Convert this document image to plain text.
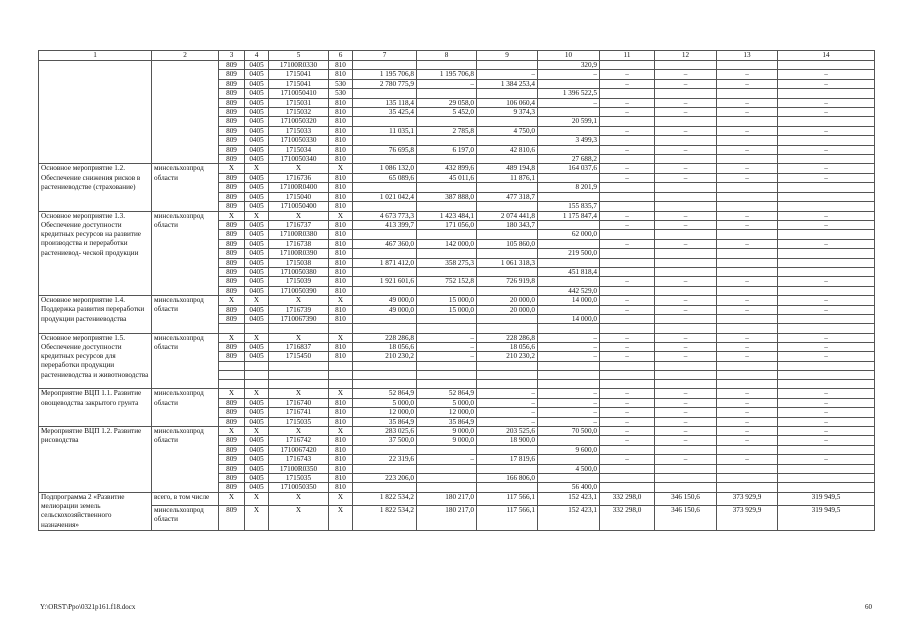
1	2	3	4	5	6	7	8	9	10	11	12	13	14
		809	0405	17100R0330	810				320,9				
		809	0405	1715041	810	1 195 706,8	1 195 706,8	–	–	–	–	–	–
		809	0405	1715041	530	2 780 775,9	–	1 384 253,4		–	–	–	–
		809	0405	1710050410	530				1 396 522,5				
		809	0405	1715031	810	135 118,4	29 058,0	106 060,4	–	–	–	–	–
		809	0405	1715032	810	35 425,4	5 452,0	9 374,3		–	–	–	–
		809	0405	1710050320	810				20 599,1				
		809	0405	1715033	810	11 035,1	2 785,8	4 750,0		–	–	–	–
		809	0405	1710050330	810				3 499,3				
		809	0405	1715034	810	76 695,8	6 197,0	42 810,6		–	–	–	–
		809	0405	1710050340	810				27 688,2				
Основное мероприятие 1.2. Обеспечение снижения рисков в растениеводстве (страхование)	минсельхозпрод области	X	X	X	X	1 086 132,0	432 899,6	489 194,8	164 037,6	–	–	–	–
		809	0405	1716736	810	65 089,6	45 011,6	11 876,1		–	–	–	–
		809	0405	17100R0400	810				8 201,9				
		809	0405	1715040	810	1 021 042,4	387 888,0	477 318,7					
		809	0405	1710050400	810				155 835,7				
Основное мероприятие 1.3. Обеспечение доступности кредитных ресурсов на развитие производства и переработки растениевод- ческой продукции	минсельхозпрод области	X	X	X	X	4 673 773,3	1 423 484,1	2 074 441,8	1 175 847,4	–	–	–	–
		809	0405	1716737	810	413 399,7	171 056,0	180 343,7		–	–	–	–
		809	0405	17100R0380	810				62 000,0				
		809	0405	1716738	810	467 360,0	142 000,0	105 860,0		–	–	–	–
		809	0405	17100R0390	810				219 500,0				
		809	0405	1715038	810	1 871 412,0	358 275,3	1 061 318,3					
		809	0405	1710050380	810				451 818,4				
		809	0405	1715039	810	1 921 601,6	752 152,8	726 919,8		–	–	–	–
		809	0405	1710050390	810				442 529,0				
Основное мероприятие 1.4. Поддержка развития переработки продукции растениеводства	минсельхозпрод области	X	X	X	X	49 000,0	15 000,0	20 000,0	14 000,0	–	–	–	–
		809	0405	1716739	810	49 000,0	15 000,0	20 000,0		–	–	–	–
		809	0405	1710067390	810				14 000,0				

Основное мероприятие 1.5. Обеспечение доступности кредитных ресурсов для переработки продукции растениеводства и животноводства	минсельхозпрод области	X	X	X	X	228 286,8	–	228 286,8	–	–	–	–	–
		809	0405	1716837	810	18 056,6	–	18 056,6	–	–	–	–	–
		809	0405	1715450	810	210 230,2	–	210 230,2	–	–	–	–	–

Мероприятие ВЦП 1.1. Развитие овощеводства закрытого грунта	минсельхозпрод области	X	X	X	X	52 864,9	52 864,9	–	–	–	–	–	–
		809	0405	1716740	810	5 000,0	5 000,0	–	–	–	–	–	–
		809	0405	1716741	810	12 000,0	12 000,0	–	–	–	–	–	–
		809	0405	1715035	810	35 864,9	35 864,9	–	–	–	–	–	–
Мероприятие ВЦП 1.2. Развитие рисоводства	минсельхозпрод области	X	X	X	X	283 025,6	9 000,0	203 525,6	70 500,0	–	–	–	–
		809	0405	1716742	810	37 500,0	9 000,0	18 900,0		–	–	–	–
		809	0405	1710067420	810				9 600,0				
		809	0405	1716743	810	22 319,6	–	17 819,6		–	–	–	–
		809	0405	17100R0350	810				4 500,0				
		809	0405	1715035	810	223 206,0		166 806,0					
		809	0405	1710050350	810				56 400,0				
Подпрограмма 2 «Развитие мелиорации земель сельскохозяйственного назначения»	всего, в том числе	X	X	X	X	1 822 534,2	180 217,0	117 566,1	152 423,1	332 298,0	346 150,6	373 929,9	319 949,5
	минсельхозпрод области	809	X	X	X	1 822 534,2	180 217,0	117 566,1	152 423,1	332 298,0	346 150,6	373 929,9	319 949,5
Y:\ORST\Ppo\0321p161.f18.docx	60
